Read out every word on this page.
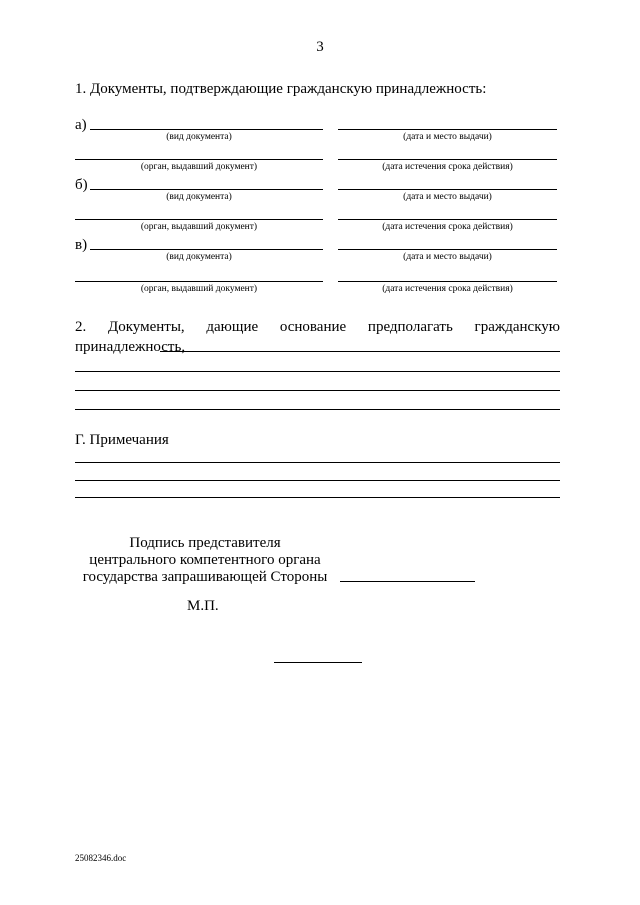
3
1. Документы, подтверждающие гражданскую принадлежность:
а)
(вид документа)	(дата и место выдачи)
(орган, выдавший документ)	(дата истечения срока действия)
б)
(вид документа)	(дата и место выдачи)
(орган, выдавший документ)	(дата истечения срока действия)
в)
(вид документа)	(дата и место выдачи)
(орган, выдавший документ)	(дата истечения срока действия)
2. Документы, дающие основание предполагать гражданскую
принадлежность,
Г. Примечания
Подпись представителя
центрального компетентного органа
государства запрашивающей Стороны
М.П.
25082346.doc
